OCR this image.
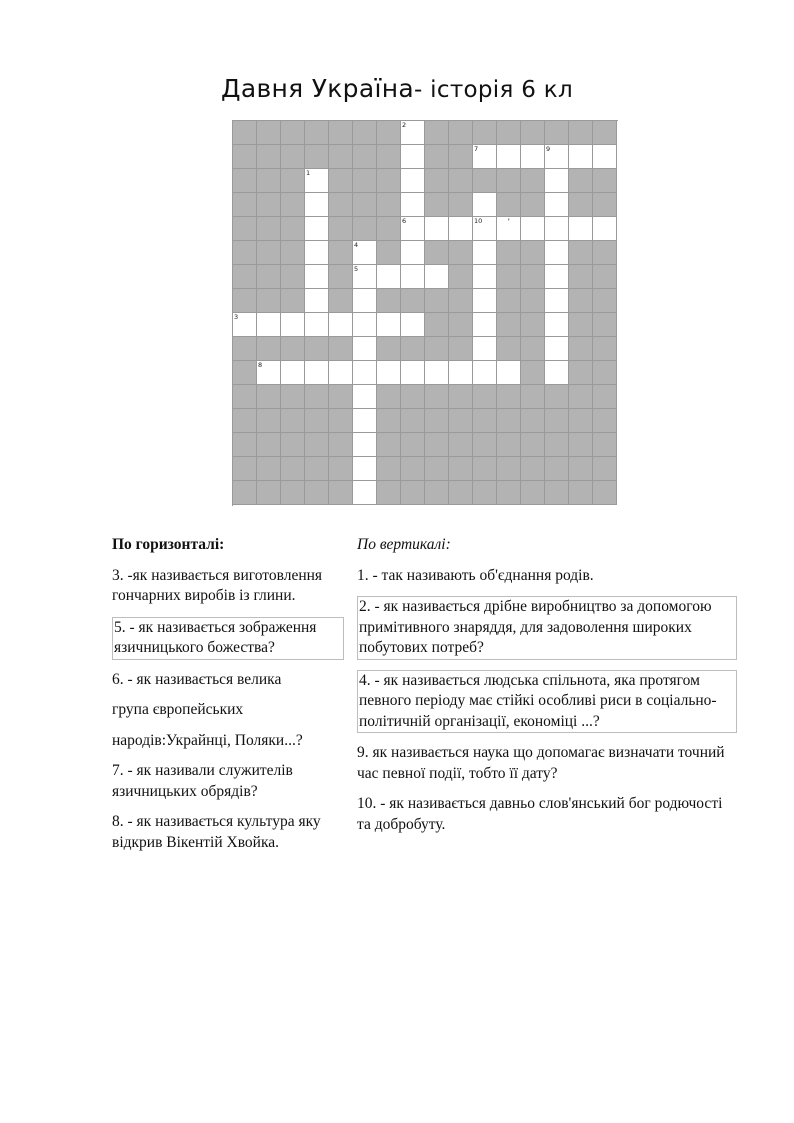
Давня Україна- історія 6 кл
2
7	9
1
6	10	'
4
5
3
8
По горизонталі:
3. -як називається виготовлення гончарних виробів із глини.
5. - як називається зображення язичницького божества?
6. - як називається велика
група європейських
народів:Украйнці, Поляки...?
7. - як називали служителів язичницьких обрядів?
8. - як називається культура яку відкрив Вікентій Хвойка.
По вертикалі:
1. - так називають об'єднання родів.
2. - як називається дрібне виробництво за допомогою примітивного знаряддя, для задоволення широких побутових потреб?
4. - як називається людська спільнота, яка протягом певного періоду має стійкі особливі риси в соціально-політичній організації, економіці ...?
9. як називається наука що допомагає визначати точний час певної події, тобто її дату?
10. - як називається давньо слов'янський бог родючості та добробуту.
